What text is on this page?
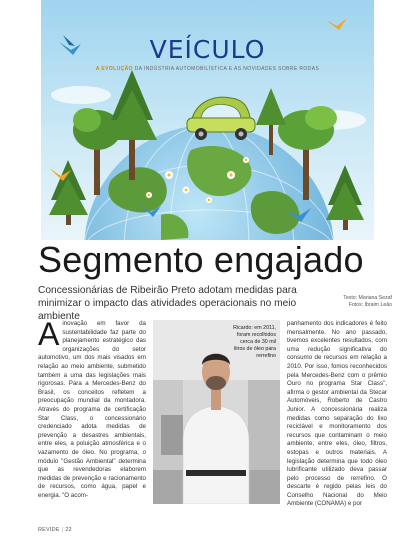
VEÍCULO
A EVOLUÇÃO DA INDÚSTRIA AUTOMOBILÍSTICA E AS NOVIDADES SOBRE RODAS
Segmento engajado
Concessionárias de Ribeirão Preto adotam medidas para minimizar o impacto das atividades operacionais no meio ambiente
Texto: Mariana Sezaf
Fotos: Ibraim Leão
Ainovação em favor da sustentabilidade faz parte do planejamento estratégico das organizações do setor automotivo, um dos mais visados em relação ao meio ambiente, submetido também a uma das legislações mais rigorosas. Para a Mercedes-Benz do Brasil, os conceitos refletem a preocupação mundial da montadora. Através do programa de certificação Star Class, o concessionário credenciado adota medidas de prevenção a desastres ambientais, entre eles, a poluição atmosférica e o vazamento de óleo. No programa, o módulo "Gestão Ambiental" determina que as revendedoras elaborem medidas de prevenção e racionamento de recursos, como água, papel e energia. "O acom-
Ricardo: em 2011, foram recolhidos cerca de 30 mil litros de óleo para rerrefino
panhamento dos indicadores é feito mensalmente. No ano passado, tivemos excelentes resultados, com uma redução significativa do consumo de recursos em relação a 2010. Por isso, fomos reconhecidos pela Mercedes-Benz com o prêmio Ouro no programa Star Class", afirma o gestor ambiental da Stecar Automóveis, Roberto de Castro Junior. A concessionária realiza medidas como separação do lixo reciclável e monitoramento dos recursos que contaminam o meio ambiente, entre eles, óleo, filtros, estopas e outros materiais. A legislação determina que todo óleo lubrificante utilizado deva passar pelo processo de rerrefino. O descarte é regido pelas leis do Conselho Nacional do Meio Ambiente (CONAMA) e por
REVIDE | 22
